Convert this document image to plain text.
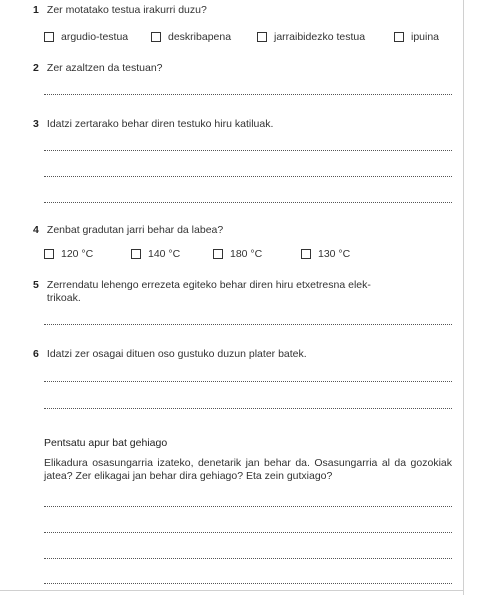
1 Zer motatako testua irakurri duzu?
argudio-testua	deskribapena	jarraibidezko testua	ipuina
2 Zer azaltzen da testuan?
3 Idatzi zertarako behar diren testuko hiru katiluak.
4 Zenbat gradutan jarri behar da labea?
120 °C	140 °C	180 °C	130 °C
5 Zerrendatu lehengo errezeta egiteko behar diren hiru etxetresna elek-
trikoak.
6 Idatzi zer osagai dituen oso gustuko duzun plater batek.
Pentsatu apur bat gehiago
Elikadura osasungarria izateko, denetarik jan behar da. Osasungarria al da gozokiak jatea? Zer elikagai jan behar dira gehiago? Eta zein gutxiago?
